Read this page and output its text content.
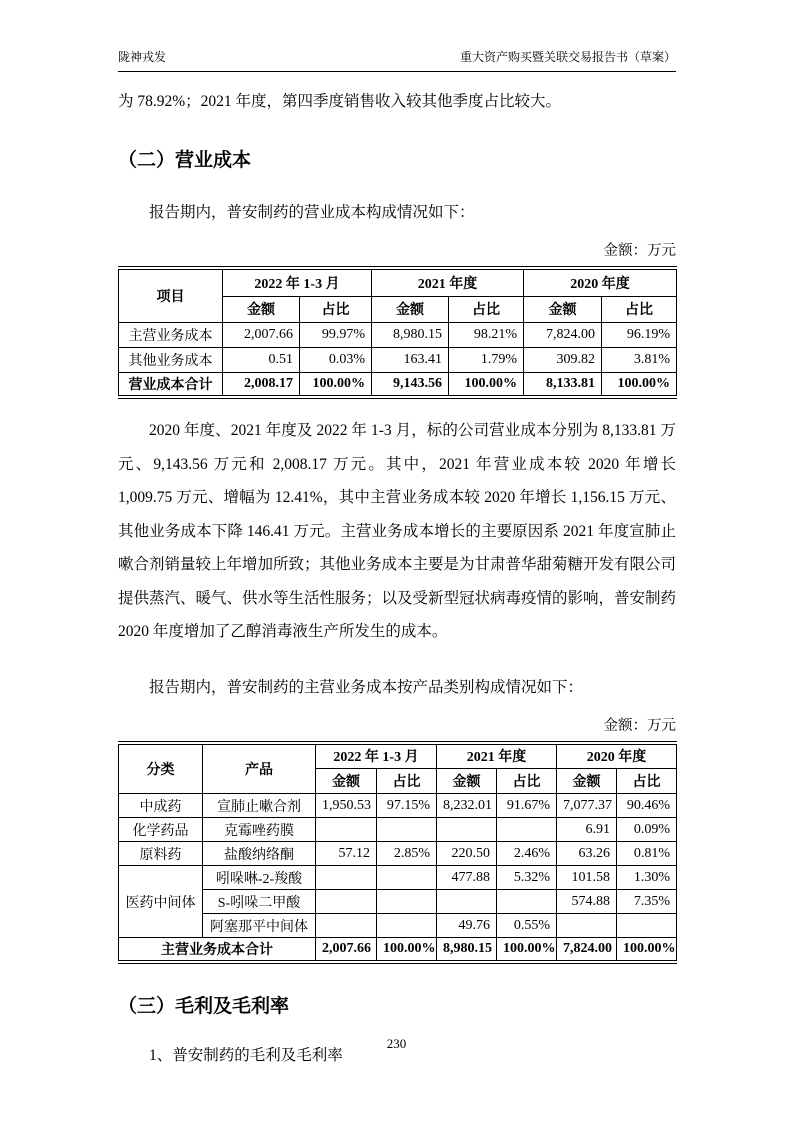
陇神戎发	重大资产购买暨关联交易报告书（草案）

为 78.92%；2021 年度，第四季度销售收入较其他季度占比较大。

（二）营业成本

报告期内，普安制药的营业成本构成情况如下：

金额：万元
项目	2022 年 1-3 月		2021 年度		2020 年度	
	金额	占比	金额	占比	金额	占比
主营业务成本	2,007.66	99.97%	8,980.15	98.21%	7,824.00	96.19%
其他业务成本	0.51	0.03%	163.41	1.79%	309.82	3.81%
营业成本合计	2,008.17	100.00%	9,143.56	100.00%	8,133.81	100.00%

2020 年度、2021 年度及 2022 年 1-3 月，标的公司营业成本分别为 8,133.81 万元、9,143.56 万元和 2,008.17 万元。其中，2021 年营业成本较 2020 年增长 1,009.75 万元、增幅为 12.41%，其中主营业务成本较 2020 年增长 1,156.15 万元、其他业务成本下降 146.41 万元。主营业务成本增长的主要原因系 2021 年度宣肺止嗽合剂销量较上年增加所致；其他业务成本主要是为甘肃普华甜菊糖开发有限公司提供蒸汽、暖气、供水等生活性服务；以及受新型冠状病毒疫情的影响，普安制药 2020 年度增加了乙醇消毒液生产所发生的成本。

报告期内，普安制药的主营业务成本按产品类别构成情况如下：

金额：万元
分类	产品	2022 年 1-3 月		2021 年度		2020 年度	
		金额	占比	金额	占比	金额	占比
中成药	宣肺止嗽合剂	1,950.53	97.15%	8,232.01	91.67%	7,077.37	90.46%
化学药品	克霉唑药膜					6.91	0.09%
原料药	盐酸纳络酮	57.12	2.85%	220.50	2.46%	63.26	0.81%
医药中间体	吲哚啉-2-羧酸			477.88	5.32%	101.58	1.30%
	S-吲哚二甲酸					574.88	7.35%
	阿塞那平中间体			49.76	0.55%		
主营业务成本合计		2,007.66	100.00%	8,980.15	100.00%	7,824.00	100.00%
（三）毛利及毛利率

1、普安制药的毛利及毛利率

230
